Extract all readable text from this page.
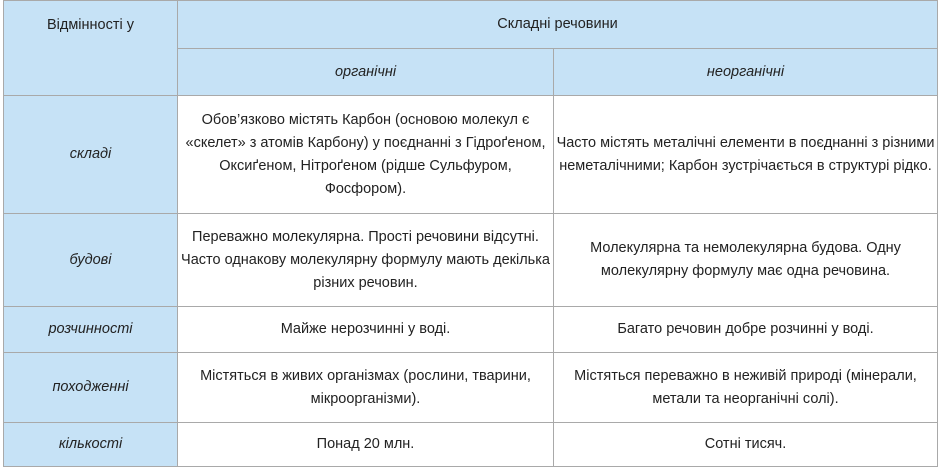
Відмінності у	Складні речовини	
	органічні	неорганічні
складі	Обов’язково містять Карбон (основою молекул є «скелет» з атомів Карбону) у поєднанні з Гідроґеном, Оксиґеном, Нітроґеном (рідше Сульфуром, Фосфором).	Часто містять металічні елементи в поєднанні з різними неметалічними; Карбон зустрічається в структурі рідко.
будові	Переважно молекулярна. Прості речовини відсутні. Часто однакову молекулярну формулу мають декілька різних речовин.	Молекулярна та немолекулярна будова. Одну молекулярну формулу має одна речовина.
розчинності	Майже нерозчинні у воді.	Багато речовин добре розчинні у воді.
походженні	Містяться в живих організмах (рослини, тварини, мікроорганізми).	Містяться переважно в неживій природі (мінерали, метали та неорганічні солі).
кількості	Понад 20 млн.	Сотні тисяч.
